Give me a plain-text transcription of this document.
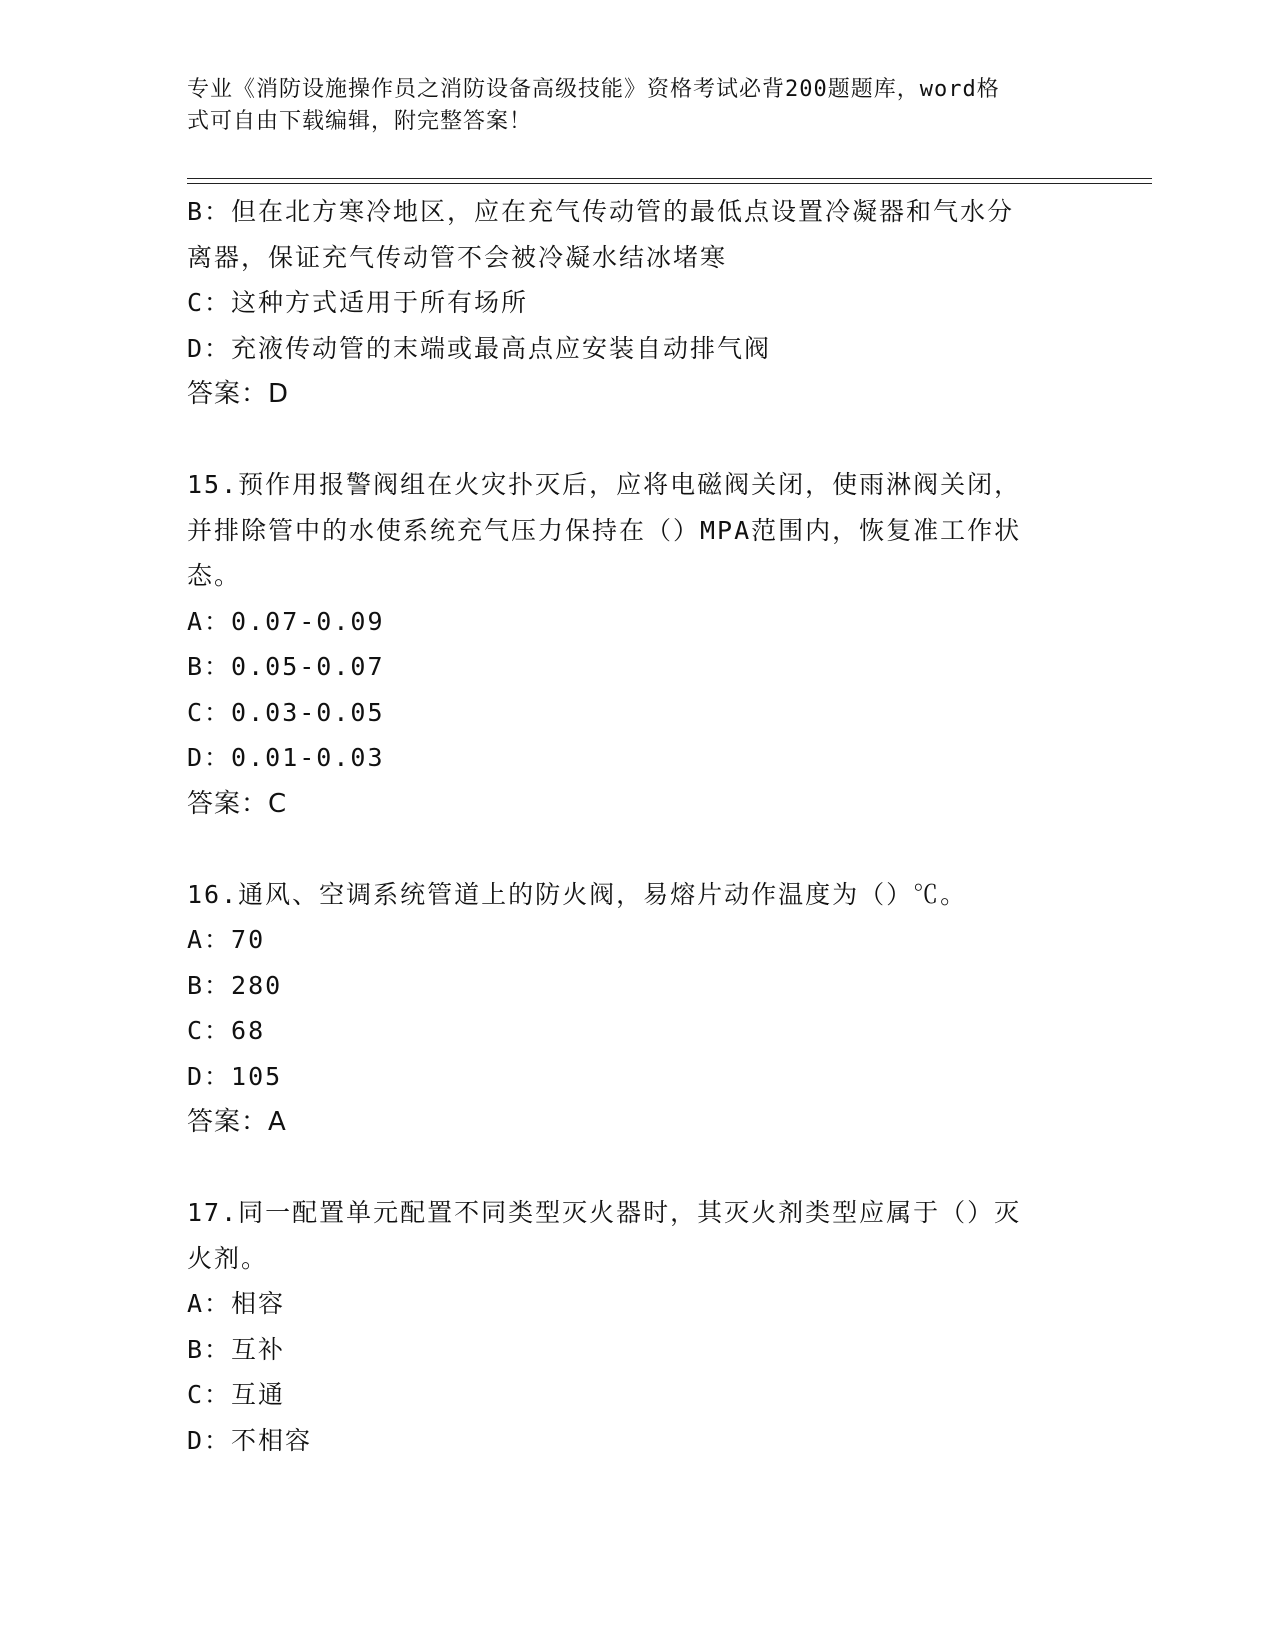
专业《消防设施操作员之消防设备高级技能》资格考试必背200题题库，word格
式可自由下载编辑，附完整答案！
B：但在北方寒冷地区，应在充气传动管的最低点设置冷凝器和气水分
离器，保证充气传动管不会被冷凝水结冰堵寒
C：这种方式适用于所有场所
D：充液传动管的末端或最高点应安装自动排气阀
答案：D
15.预作用报警阀组在火灾扑灭后，应将电磁阀关闭，使雨淋阀关闭，
并排除管中的水使系统充气压力保持在（）MPA范围内，恢复准工作状
态。
A：0.07-0.09
B：0.05-0.07
C：0.03-0.05
D：0.01-0.03
答案：C
16.通风、空调系统管道上的防火阀，易熔片动作温度为（）℃。
A：70
B：280
C：68
D：105
答案：A
17.同一配置单元配置不同类型灭火器时，其灭火剂类型应属于（）灭
火剂。
A：相容
B：互补
C：互通
D：不相容
